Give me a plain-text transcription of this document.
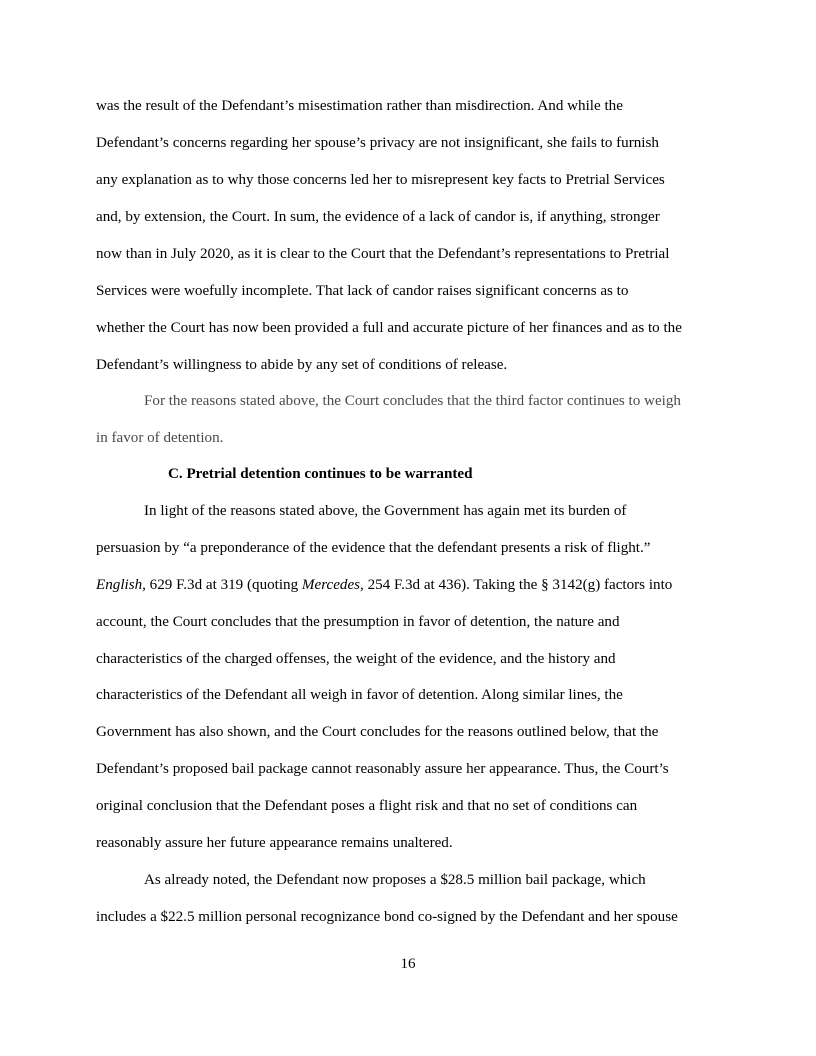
was the result of the Defendant’s misestimation rather than misdirection. And while the
Defendant’s concerns regarding her spouse’s privacy are not insignificant, she fails to furnish
any explanation as to why those concerns led her to misrepresent key facts to Pretrial Services
and, by extension, the Court. In sum, the evidence of a lack of candor is, if anything, stronger
now than in July 2020, as it is clear to the Court that the Defendant’s representations to Pretrial
Services were woefully incomplete. That lack of candor raises significant concerns as to
whether the Court has now been provided a full and accurate picture of her finances and as to the
Defendant’s willingness to abide by any set of conditions of release.
For the reasons stated above, the Court concludes that the third factor continues to weigh
in favor of detention.
C. Pretrial detention continues to be warranted
In light of the reasons stated above, the Government has again met its burden of
persuasion by “a preponderance of the evidence that the defendant presents a risk of flight.”
English, 629 F.3d at 319 (quoting Mercedes, 254 F.3d at 436). Taking the § 3142(g) factors into
account, the Court concludes that the presumption in favor of detention, the nature and
characteristics of the charged offenses, the weight of the evidence, and the history and
characteristics of the Defendant all weigh in favor of detention. Along similar lines, the
Government has also shown, and the Court concludes for the reasons outlined below, that the
Defendant’s proposed bail package cannot reasonably assure her appearance. Thus, the Court’s
original conclusion that the Defendant poses a flight risk and that no set of conditions can
reasonably assure her future appearance remains unaltered.
As already noted, the Defendant now proposes a $28.5 million bail package, which
includes a $22.5 million personal recognizance bond co-signed by the Defendant and her spouse
16
